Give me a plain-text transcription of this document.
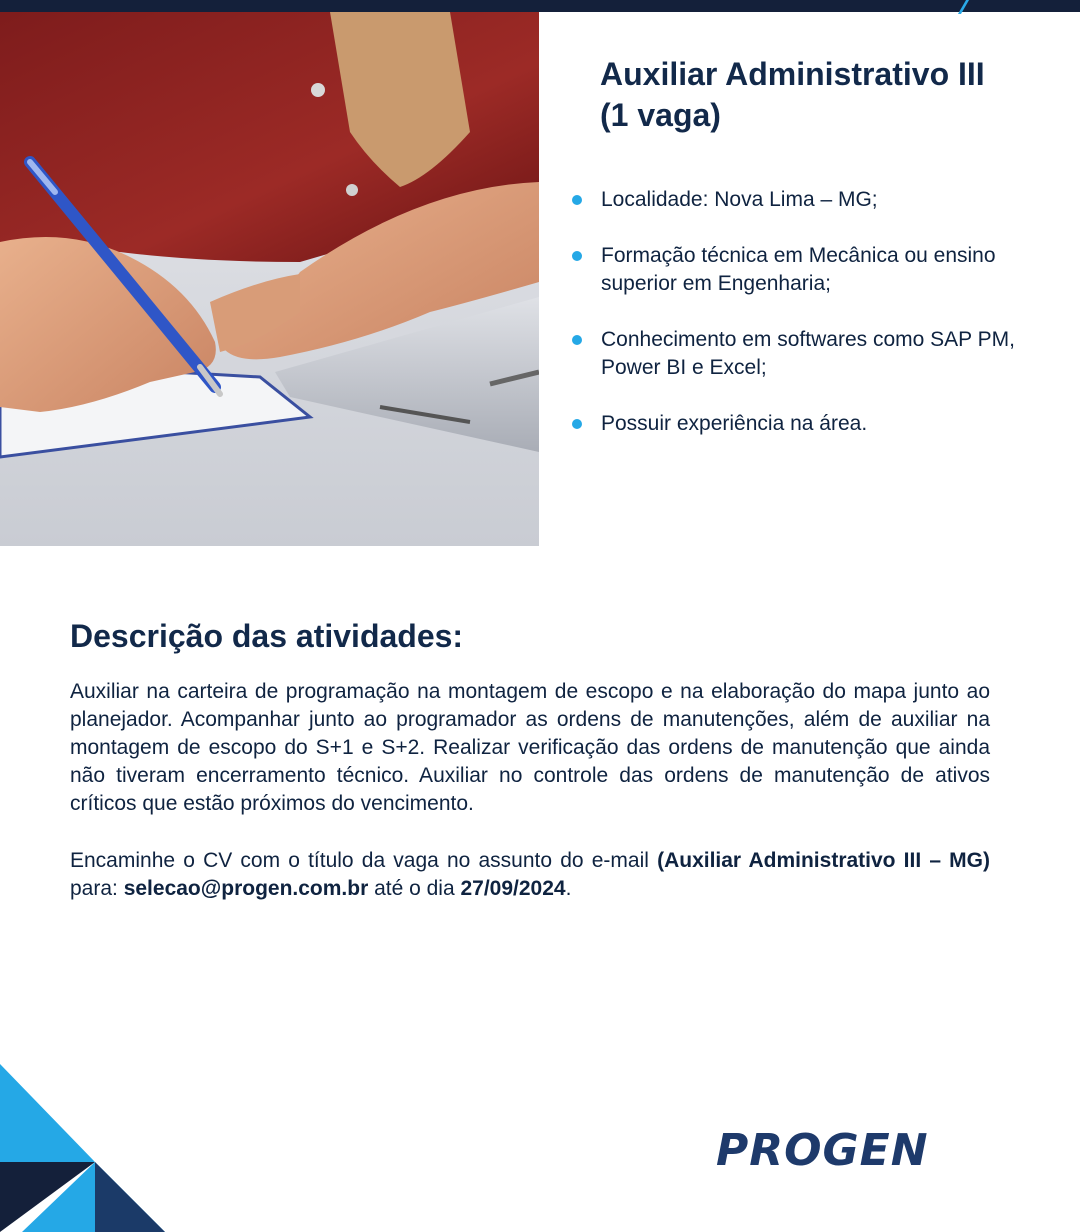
Auxiliar Administrativo III
(1 vaga)
Localidade: Nova Lima – MG;
Formação técnica em Mecânica ou ensino superior em Engenharia;
Conhecimento em softwares como SAP PM, Power BI e Excel;
Possuir experiência na área.
Descrição das atividades:

Auxiliar na carteira de programação na montagem de escopo e na elaboração do mapa junto ao planejador. Acompanhar junto ao programador as ordens de manutenções, além de auxiliar na montagem de escopo do S+1 e S+2. Realizar verificação das ordens de manutenção que ainda não tiveram encerramento técnico. Auxiliar no controle das ordens de manutenção de ativos críticos que estão próximos do vencimento.

Encaminhe o CV com o título da vaga no assunto do e-mail (Auxiliar Administrativo III – MG) para: selecao@progen.com.br até o dia 27/09/2024.

PROGEN
